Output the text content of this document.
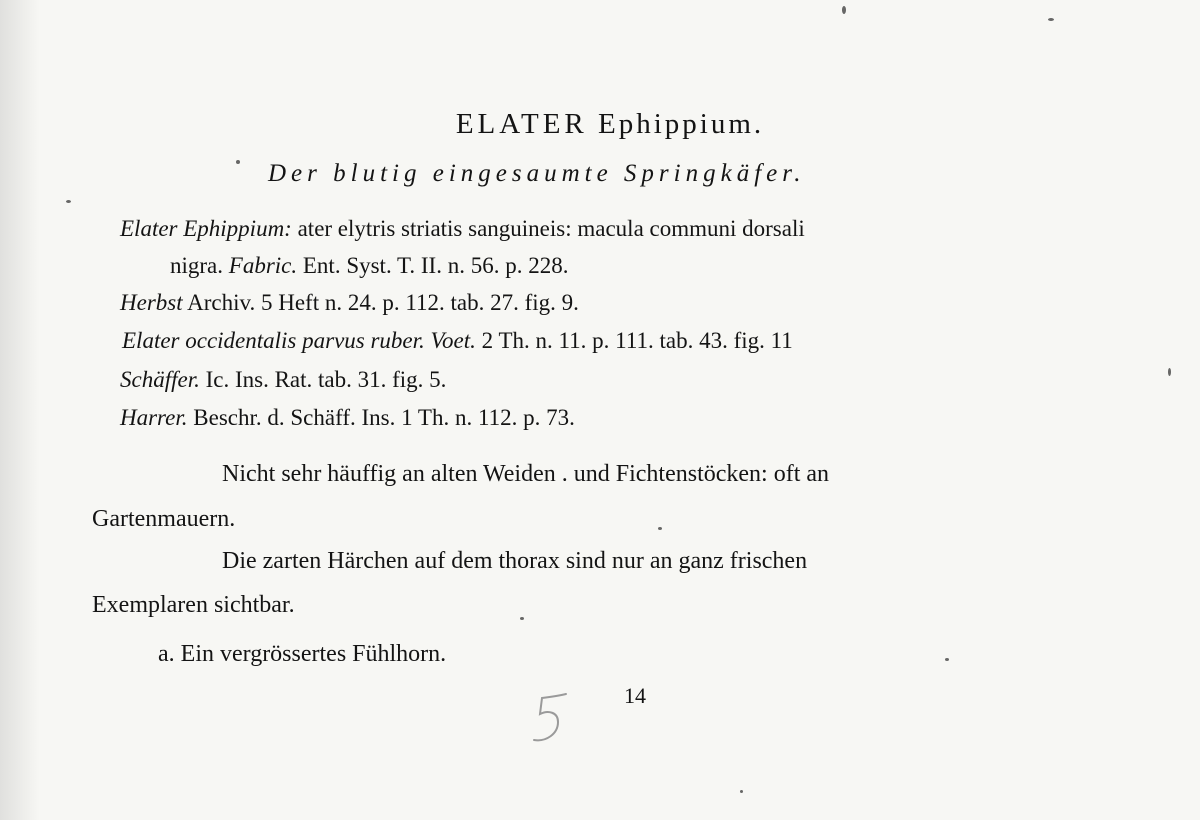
ELATER Ephippium.
Der blutig eingesaumte Springkäfer.
Elater Ephippium: ater elytris striatis sanguineis: macula communi dorsali
nigra. Fabric. Ent. Syst. T. II. n. 56. p. 228.
Herbst Archiv. 5 Heft n. 24. p. 112. tab. 27. fig. 9.
Elater occidentalis parvus ruber. Voet. 2 Th. n. 11. p. 111. tab. 43. fig. 11
Schäffer. Ic. Ins. Rat. tab. 31. fig. 5.
Harrer. Beschr. d. Schäff. Ins. 1 Th. n. 112. p. 73.
Nicht sehr häuffig an alten Weiden . und Fichtenstöcken: oft an
Gartenmauern.
Die zarten Härchen auf dem thorax sind nur an ganz frischen
Exemplaren sichtbar.
a. Ein vergrössertes Fühlhorn.
14
